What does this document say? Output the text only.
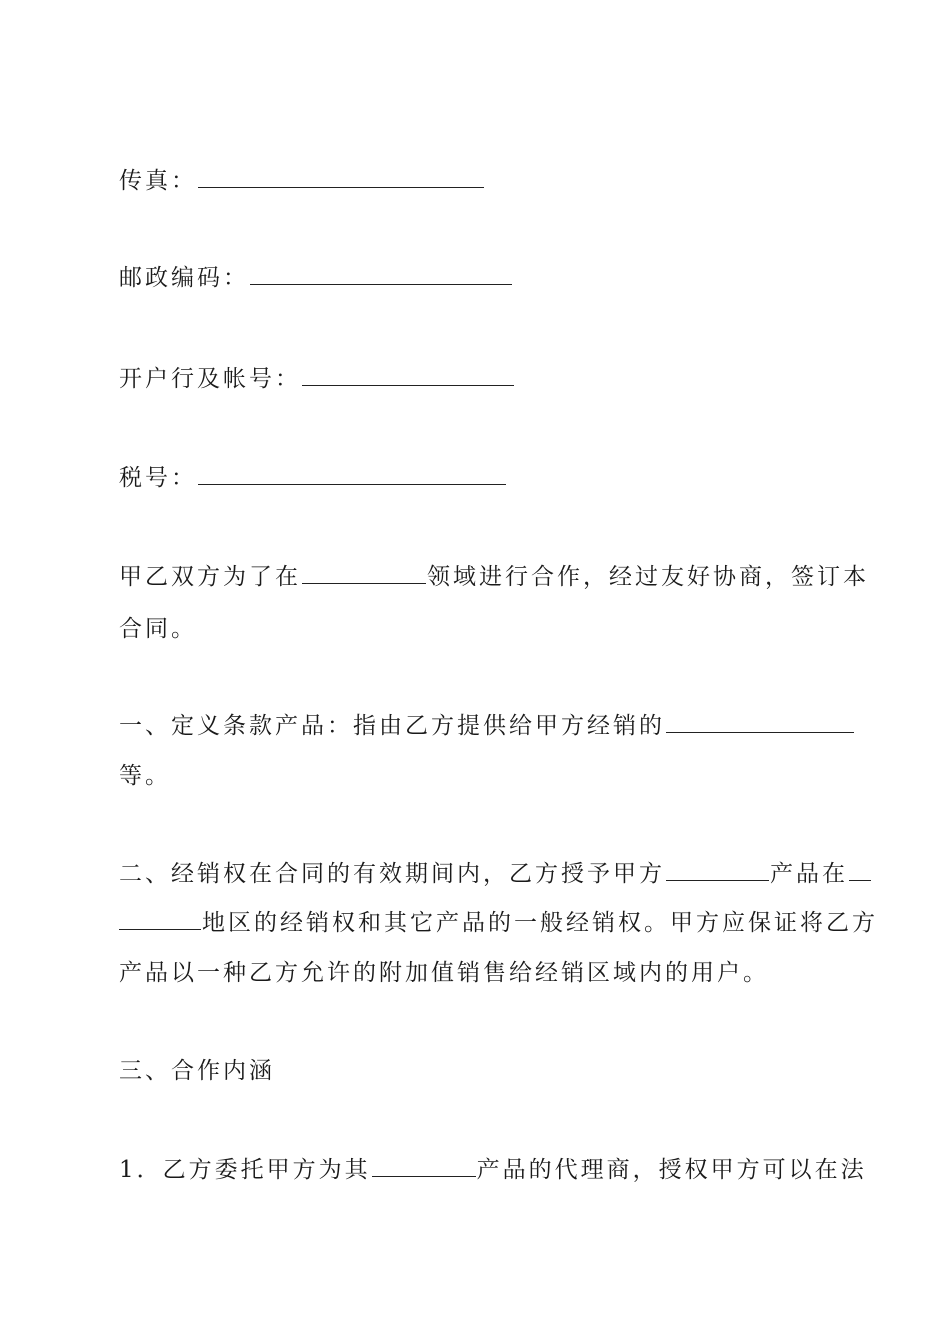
传真：
邮政编码：
开户行及帐号：
税号：
甲乙双方为了在	领域进行合作，经过友好协商，签订本
合同。
一、定义条款产品：指由乙方提供给甲方经销的
等。
二、经销权在合同的有效期间内，乙方授予甲方	产品在
地区的经销权和其它产品的一般经销权。甲方应保证将乙方
产品以一种乙方允许的附加值销售给经销区域内的用户。
三、合作内涵
1．乙方委托甲方为其	产品的代理商，授权甲方可以在法
